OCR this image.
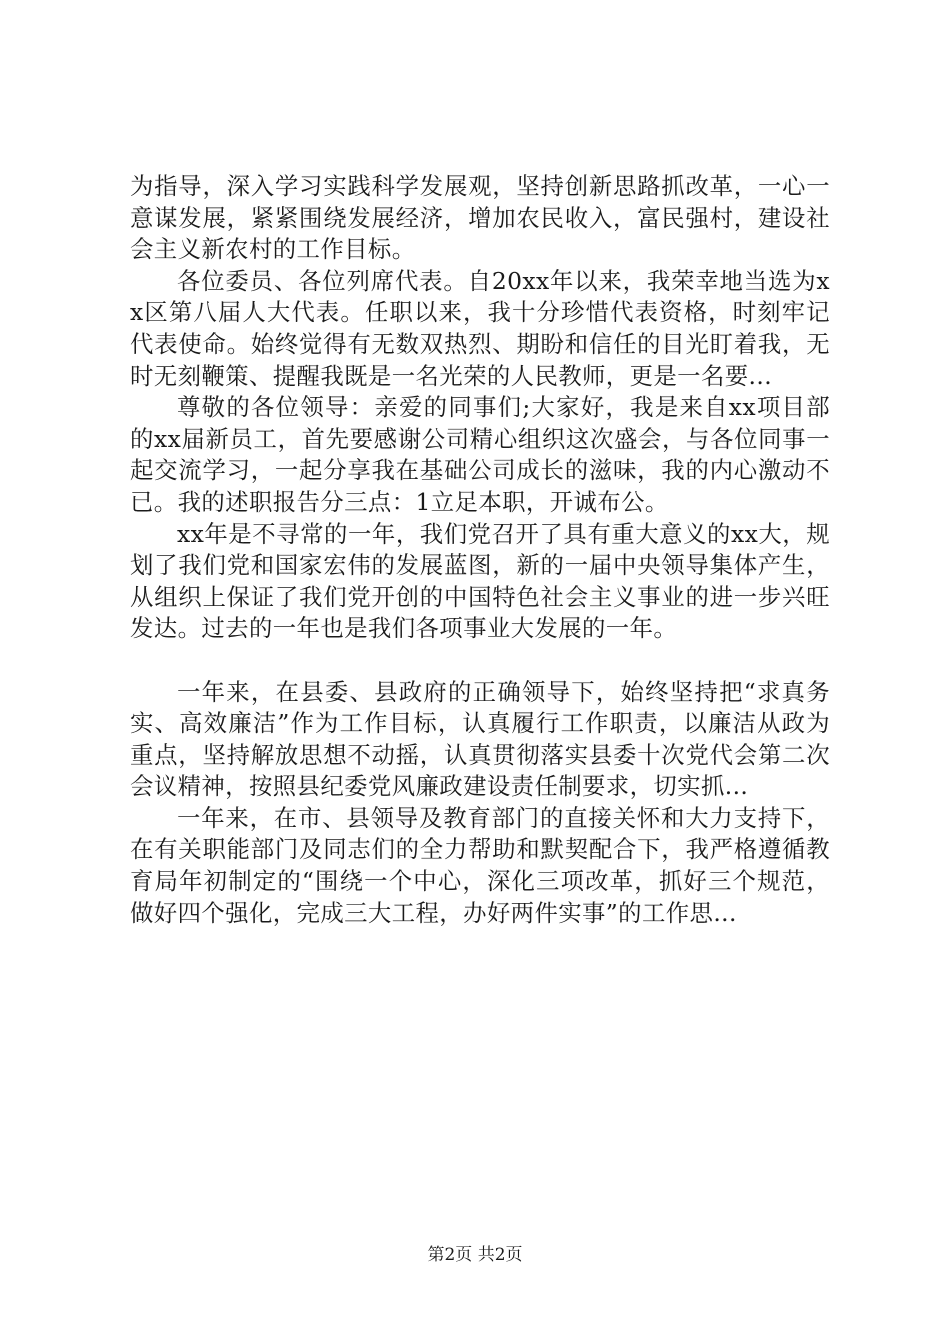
为指导，深入学习实践科学发展观，坚持创新思路抓改革，一心一意谋发展，紧紧围绕发展经济，增加农民收入，富民强村，建设社会主义新农村的工作目标。

各位委员、各位列席代表。自20xx年以来，我荣幸地当选为xx区第八届人大代表。任职以来，我十分珍惜代表资格，时刻牢记代表使命。始终觉得有无数双热烈、期盼和信任的目光盯着我，无时无刻鞭策、提醒我既是一名光荣的人民教师，更是一名要...

尊敬的各位领导：亲爱的同事们;大家好，我是来自xx项目部的xx届新员工，首先要感谢公司精心组织这次盛会，与各位同事一起交流学习，一起分享我在基础公司成长的滋味，我的内心激动不已。我的述职报告分三点：1立足本职，开诚布公。

xx年是不寻常的一年，我们党召开了具有重大意义的xx大，规划了我们党和国家宏伟的发展蓝图，新的一届中央领导集体产生，从组织上保证了我们党开创的中国特色社会主义事业的进一步兴旺发达。过去的一年也是我们各项事业大发展的一年。

一年来，在县委、县政府的正确领导下，始终坚持把“求真务实、高效廉洁”作为工作目标，认真履行工作职责，以廉洁从政为重点，坚持解放思想不动摇，认真贯彻落实县委十次党代会第二次会议精神，按照县纪委党风廉政建设责任制要求，切实抓...

一年来，在市、县领导及教育部门的直接关怀和大力支持下，在有关职能部门及同志们的全力帮助和默契配合下，我严格遵循教育局年初制定的“围绕一个中心，深化三项改革，抓好三个规范，做好四个强化，完成三大工程，办好两件实事”的工作思...

第2页 共2页
